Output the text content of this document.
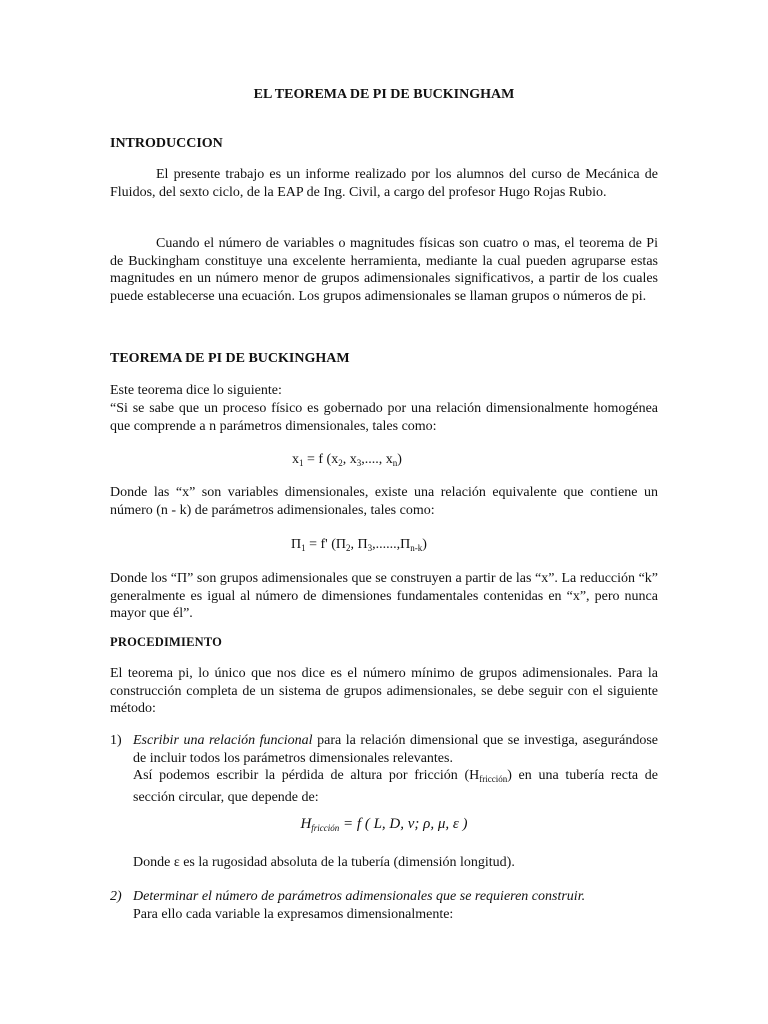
EL TEOREMA DE PI DE BUCKINGHAM

INTRODUCCION

El presente trabajo es un informe realizado por los alumnos del curso de Mecánica de Fluidos, del sexto ciclo, de la EAP de Ing. Civil, a cargo del profesor Hugo Rojas Rubio.

Cuando el número de variables o magnitudes físicas son cuatro o mas, el teorema de Pi de Buckingham constituye una excelente herramienta, mediante la cual pueden agruparse estas magnitudes en un número menor de grupos adimensionales significativos, a partir de los cuales puede establecerse una ecuación. Los grupos adimensionales se llaman grupos o números de pi.

TEOREMA DE PI DE BUCKINGHAM

Este teorema dice lo siguiente:

“Si se sabe que un proceso físico es gobernado por una relación dimensionalmente homogénea que comprende a n parámetros dimensionales, tales como:

$x_1 = f$ ($x_2$, $x_3$,...., $x_n$)

Donde las “x” son variables dimensionales, existe una relación equivalente que contiene un número (n - k) de parámetros adimensionales, tales como:

$\Pi_1 = f'$ ($\Pi_2$, $\Pi_3,......,\Pi_{n-k}$)

Donde los “Π” son grupos adimensionales que se construyen a partir de las “x”. La reducción “k” generalmente es igual al número de dimensiones fundamentales contenidas en “x”, pero nunca mayor que él”.

PROCEDIMIENTO

El teorema pi, lo único que nos dice es el número mínimo de grupos adimensionales. Para la construcción completa de un sistema de grupos adimensionales, se debe seguir con el siguiente método:

1) Escribir una relación funcional para la relación dimensional que se investiga, asegurándose de incluir todos los parámetros dimensionales relevantes.

Así podemos escribir la pérdida de altura por fricción $(H_{fricción})$ en una tubería recta de sección circular, que depende de:

$H_{fricción} = f$ ( L, D, ν; ρ, μ, ε )

Donde ε es la rugosidad absoluta de la tubería (dimensión longitud).

2) Determinar el número de parámetros adimensionales que se requieren construir.

Para ello cada variable la expresamos dimensionalmente:
